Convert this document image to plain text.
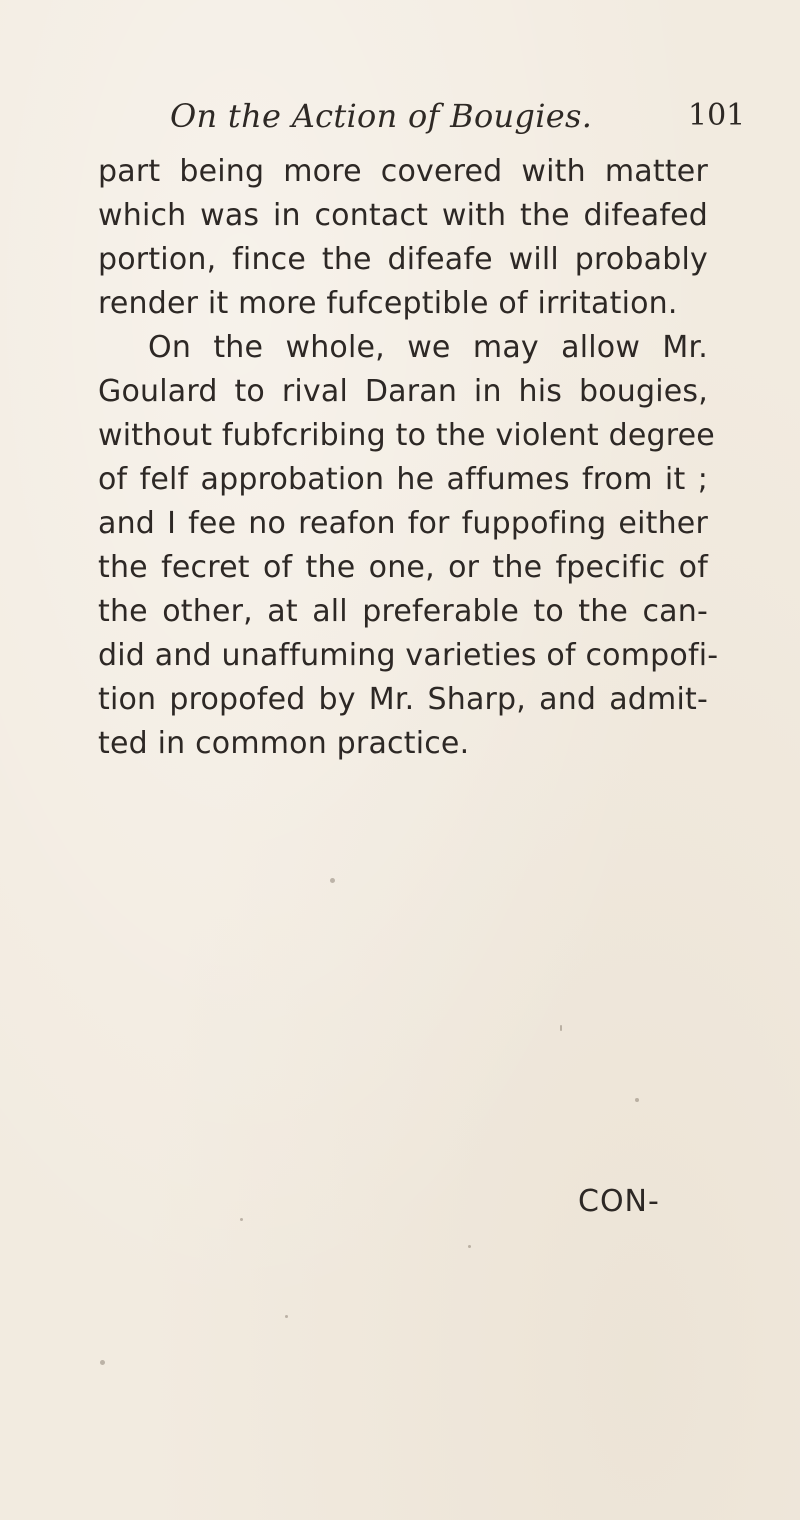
On the Action of Bougies.	101
part being more covered with matter
which was in contact with the difeafed
portion, fince the difeafe will probably
render it more fufceptible of irritation.
On the whole, we may allow Mr.
Goulard to rival Daran in his bougies,
without fubfcribing to the violent degree
of felf approbation he affumes from it ;
and I fee no reafon for fuppofing either
the fecret of the one, or the fpecific of
the other, at all preferable to the can-
did and unaffuming varieties of compofi-
tion propofed by Mr. Sharp, and admit-
ted in common practice.
CON-
